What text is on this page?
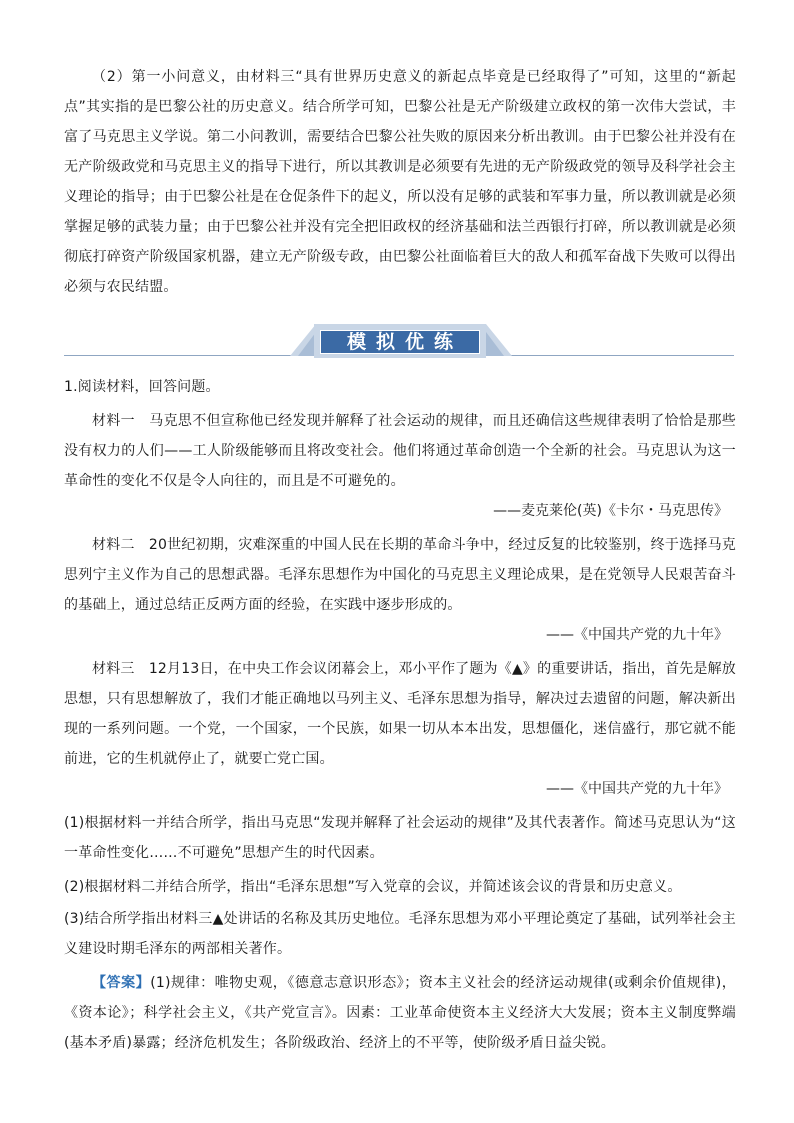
（2）第一小问意义，由材料三“具有世界历史意义的新起点毕竟是已经取得了”可知，这里的“新起点”其实指的是巴黎公社的历史意义。结合所学可知，巴黎公社是无产阶级建立政权的第一次伟大尝试，丰富了马克思主义学说。第二小问教训，需要结合巴黎公社失败的原因来分析出教训。由于巴黎公社并没有在无产阶级政党和马克思主义的指导下进行，所以其教训是必须要有先进的无产阶级政党的领导及科学社会主义理论的指导；由于巴黎公社是在仓促条件下的起义，所以没有足够的武装和军事力量，所以教训就是必须掌握足够的武装力量；由于巴黎公社并没有完全把旧政权的经济基础和法兰西银行打碎，所以教训就是必须彻底打碎资产阶级国家机器，建立无产阶级专政，由巴黎公社面临着巨大的敌人和孤军奋战下失败可以得出必须与农民结盟。

模拟优练

1.阅读材料，回答问题。

材料一　马克思不但宣称他已经发现并解释了社会运动的规律，而且还确信这些规律表明了恰恰是那些没有权力的人们——工人阶级能够而且将改变社会。他们将通过革命创造一个全新的社会。马克思认为这一革命性的变化不仅是令人向往的，而且是不可避免的。

——麦克莱伦(英)《卡尔・马克思传》

材料二　20世纪初期，灾难深重的中国人民在长期的革命斗争中，经过反复的比较鉴别，终于选择马克思列宁主义作为自己的思想武器。毛泽东思想作为中国化的马克思主义理论成果，是在党领导人民艰苦奋斗的基础上，通过总结正反两方面的经验，在实践中逐步形成的。

——《中国共产党的九十年》

材料三　12月13日，在中央工作会议闭幕会上，邓小平作了题为《▲》的重要讲话，指出，首先是解放思想，只有思想解放了，我们才能正确地以马列主义、毛泽东思想为指导，解决过去遗留的问题，解决新出现的一系列问题。一个党，一个国家，一个民族，如果一切从本本出发，思想僵化，迷信盛行，那它就不能前进，它的生机就停止了，就要亡党亡国。

——《中国共产党的九十年》

(1)根据材料一并结合所学，指出马克思“发现并解释了社会运动的规律”及其代表著作。简述马克思认为“这一革命性变化……不可避免”思想产生的时代因素。

(2)根据材料二并结合所学，指出“毛泽东思想”写入党章的会议，并简述该会议的背景和历史意义。

(3)结合所学指出材料三▲处讲话的名称及其历史地位。毛泽东思想为邓小平理论奠定了基础，试列举社会主义建设时期毛泽东的两部相关著作。

【答案】(1)规律：唯物史观，《德意志意识形态》；资本主义社会的经济运动规律(或剩余价值规律)，《资本论》；科学社会主义，《共产党宣言》。因素：工业革命使资本主义经济大大发展；资本主义制度弊端(基本矛盾)暴露；经济危机发生；各阶级政治、经济上的不平等，使阶级矛盾日益尖锐。
